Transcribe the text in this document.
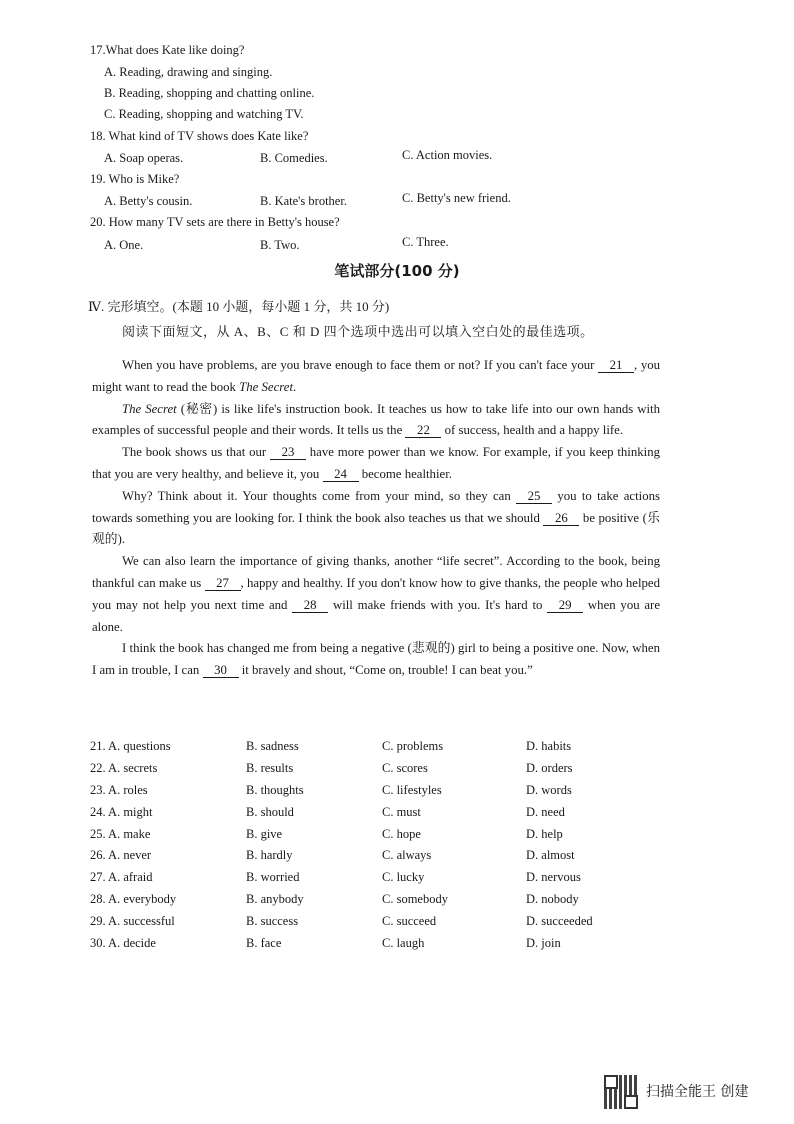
17.What does Kate like doing?
A. Reading, drawing and singing.
B. Reading, shopping and chatting online.
C. Reading, shopping and watching TV.
18. What kind of TV shows does Kate like?
A. Soap operas.	B. Comedies.	C. Action movies.
19. Who is Mike?
A. Betty's cousin.	B. Kate's brother.	C. Betty's new friend.
20. How many TV sets are there in Betty's house?
A. One.	B. Two.	C. Three.
笔试部分(100 分)
Ⅳ. 完形填空。(本题 10 小题，每小题 1 分，共 10 分)
阅读下面短文，从 A、B、C 和 D 四个选项中选出可以填入空白处的最佳选项。

When you have problems, are you brave enough to face them or not? If you can't face your 21 , you might want to read the book The Secret.

The Secret (秘密) is like life's instruction book. It teaches us how to take life into our own hands with examples of successful people and their words. It tells us the 22 of success, health and a happy life.

The book shows us that our 23 have more power than we know. For example, if you keep thinking that you are very healthy, and believe it, you 24 become healthier.

Why? Think about it. Your thoughts come from your mind, so they can 25 you to take actions towards something you are looking for. I think the book also teaches us that we should 26 be positive (乐观的).

We can also learn the importance of giving thanks, another “life secret”. According to the book, being thankful can make us 27 , happy and healthy. If you don't know how to give thanks, the people who helped you may not help you next time and 28 will make friends with you. It's hard to 29 when you are alone.

I think the book has changed me from being a negative (悲观的) girl to being a positive one. Now, when I am in trouble, I can 30 it bravely and shout, “Come on, trouble! I can beat you.”

21. A. questions	B. sadness	C. problems	D. habits
22. A. secrets	B. results	C. scores	D. orders
23. A. roles	B. thoughts	C. lifestyles	D. words
24. A. might	B. should	C. must	D. need
25. A. make	B. give	C. hope	D. help
26. A. never	B. hardly	C. always	D. almost
27. A. afraid	B. worried	C. lucky	D. nervous
28. A. everybody	B. anybody	C. somebody	D. nobody
29. A. successful	B. success	C. succeed	D. succeeded
30. A. decide	B. face	C. laugh	D. join
扫描全能王 创建
